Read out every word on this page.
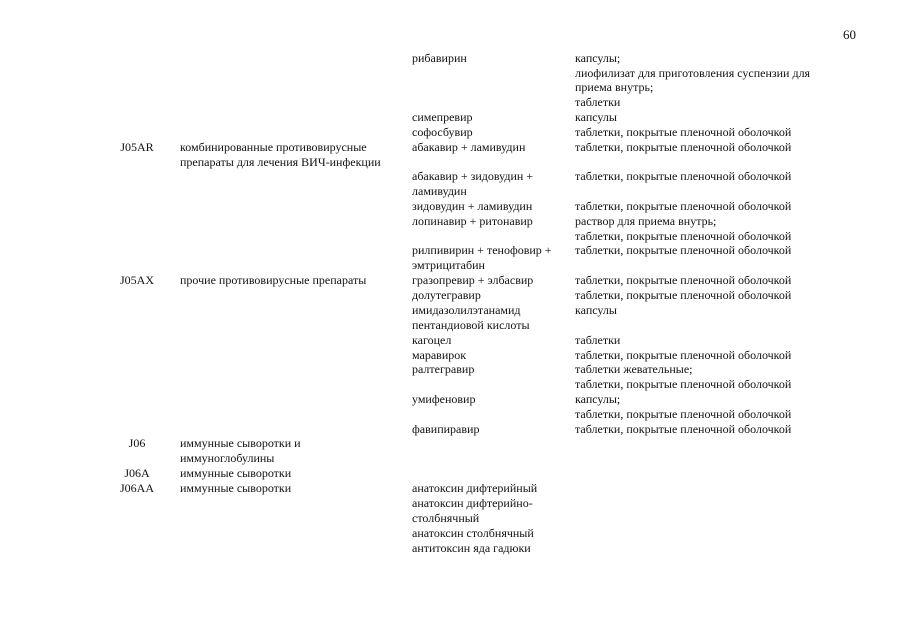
60
J05AR
J05AX
J06
J06A
J06AA
комбинированные противовирусные
препараты для лечения ВИЧ-инфекции
прочие противовирусные препараты
иммунные сыворотки и
иммуноглобулины
иммунные сыворотки
иммунные сыворотки
рибавирин
симепревир
софосбувир
абакавир + ламивудин
абакавир + зидовудин +
ламивудин
зидовудин + ламивудин
лопинавир + ритонавир
рилпивирин + тенофовир +
эмтрицитабин
гразопревир + элбасвир
долутегравир
имидазолилэтанамид
пентандиовой кислоты
кагоцел
маравирок
ралтегравир
умифеновир
фавипиравир
анатоксин дифтерийный
анатоксин дифтерийно-
столбнячный
анатоксин столбнячный
антитоксин яда гадюки
капсулы;
лиофилизат для приготовления суспензии для
приема внутрь;
таблетки
капсулы
таблетки, покрытые пленочной оболочкой
таблетки, покрытые пленочной оболочкой
таблетки, покрытые пленочной оболочкой
таблетки, покрытые пленочной оболочкой
раствор для приема внутрь;
таблетки, покрытые пленочной оболочкой
таблетки, покрытые пленочной оболочкой
таблетки, покрытые пленочной оболочкой
таблетки, покрытые пленочной оболочкой
капсулы
таблетки
таблетки, покрытые пленочной оболочкой
таблетки жевательные;
таблетки, покрытые пленочной оболочкой
капсулы;
таблетки, покрытые пленочной оболочкой
таблетки, покрытые пленочной оболочкой
